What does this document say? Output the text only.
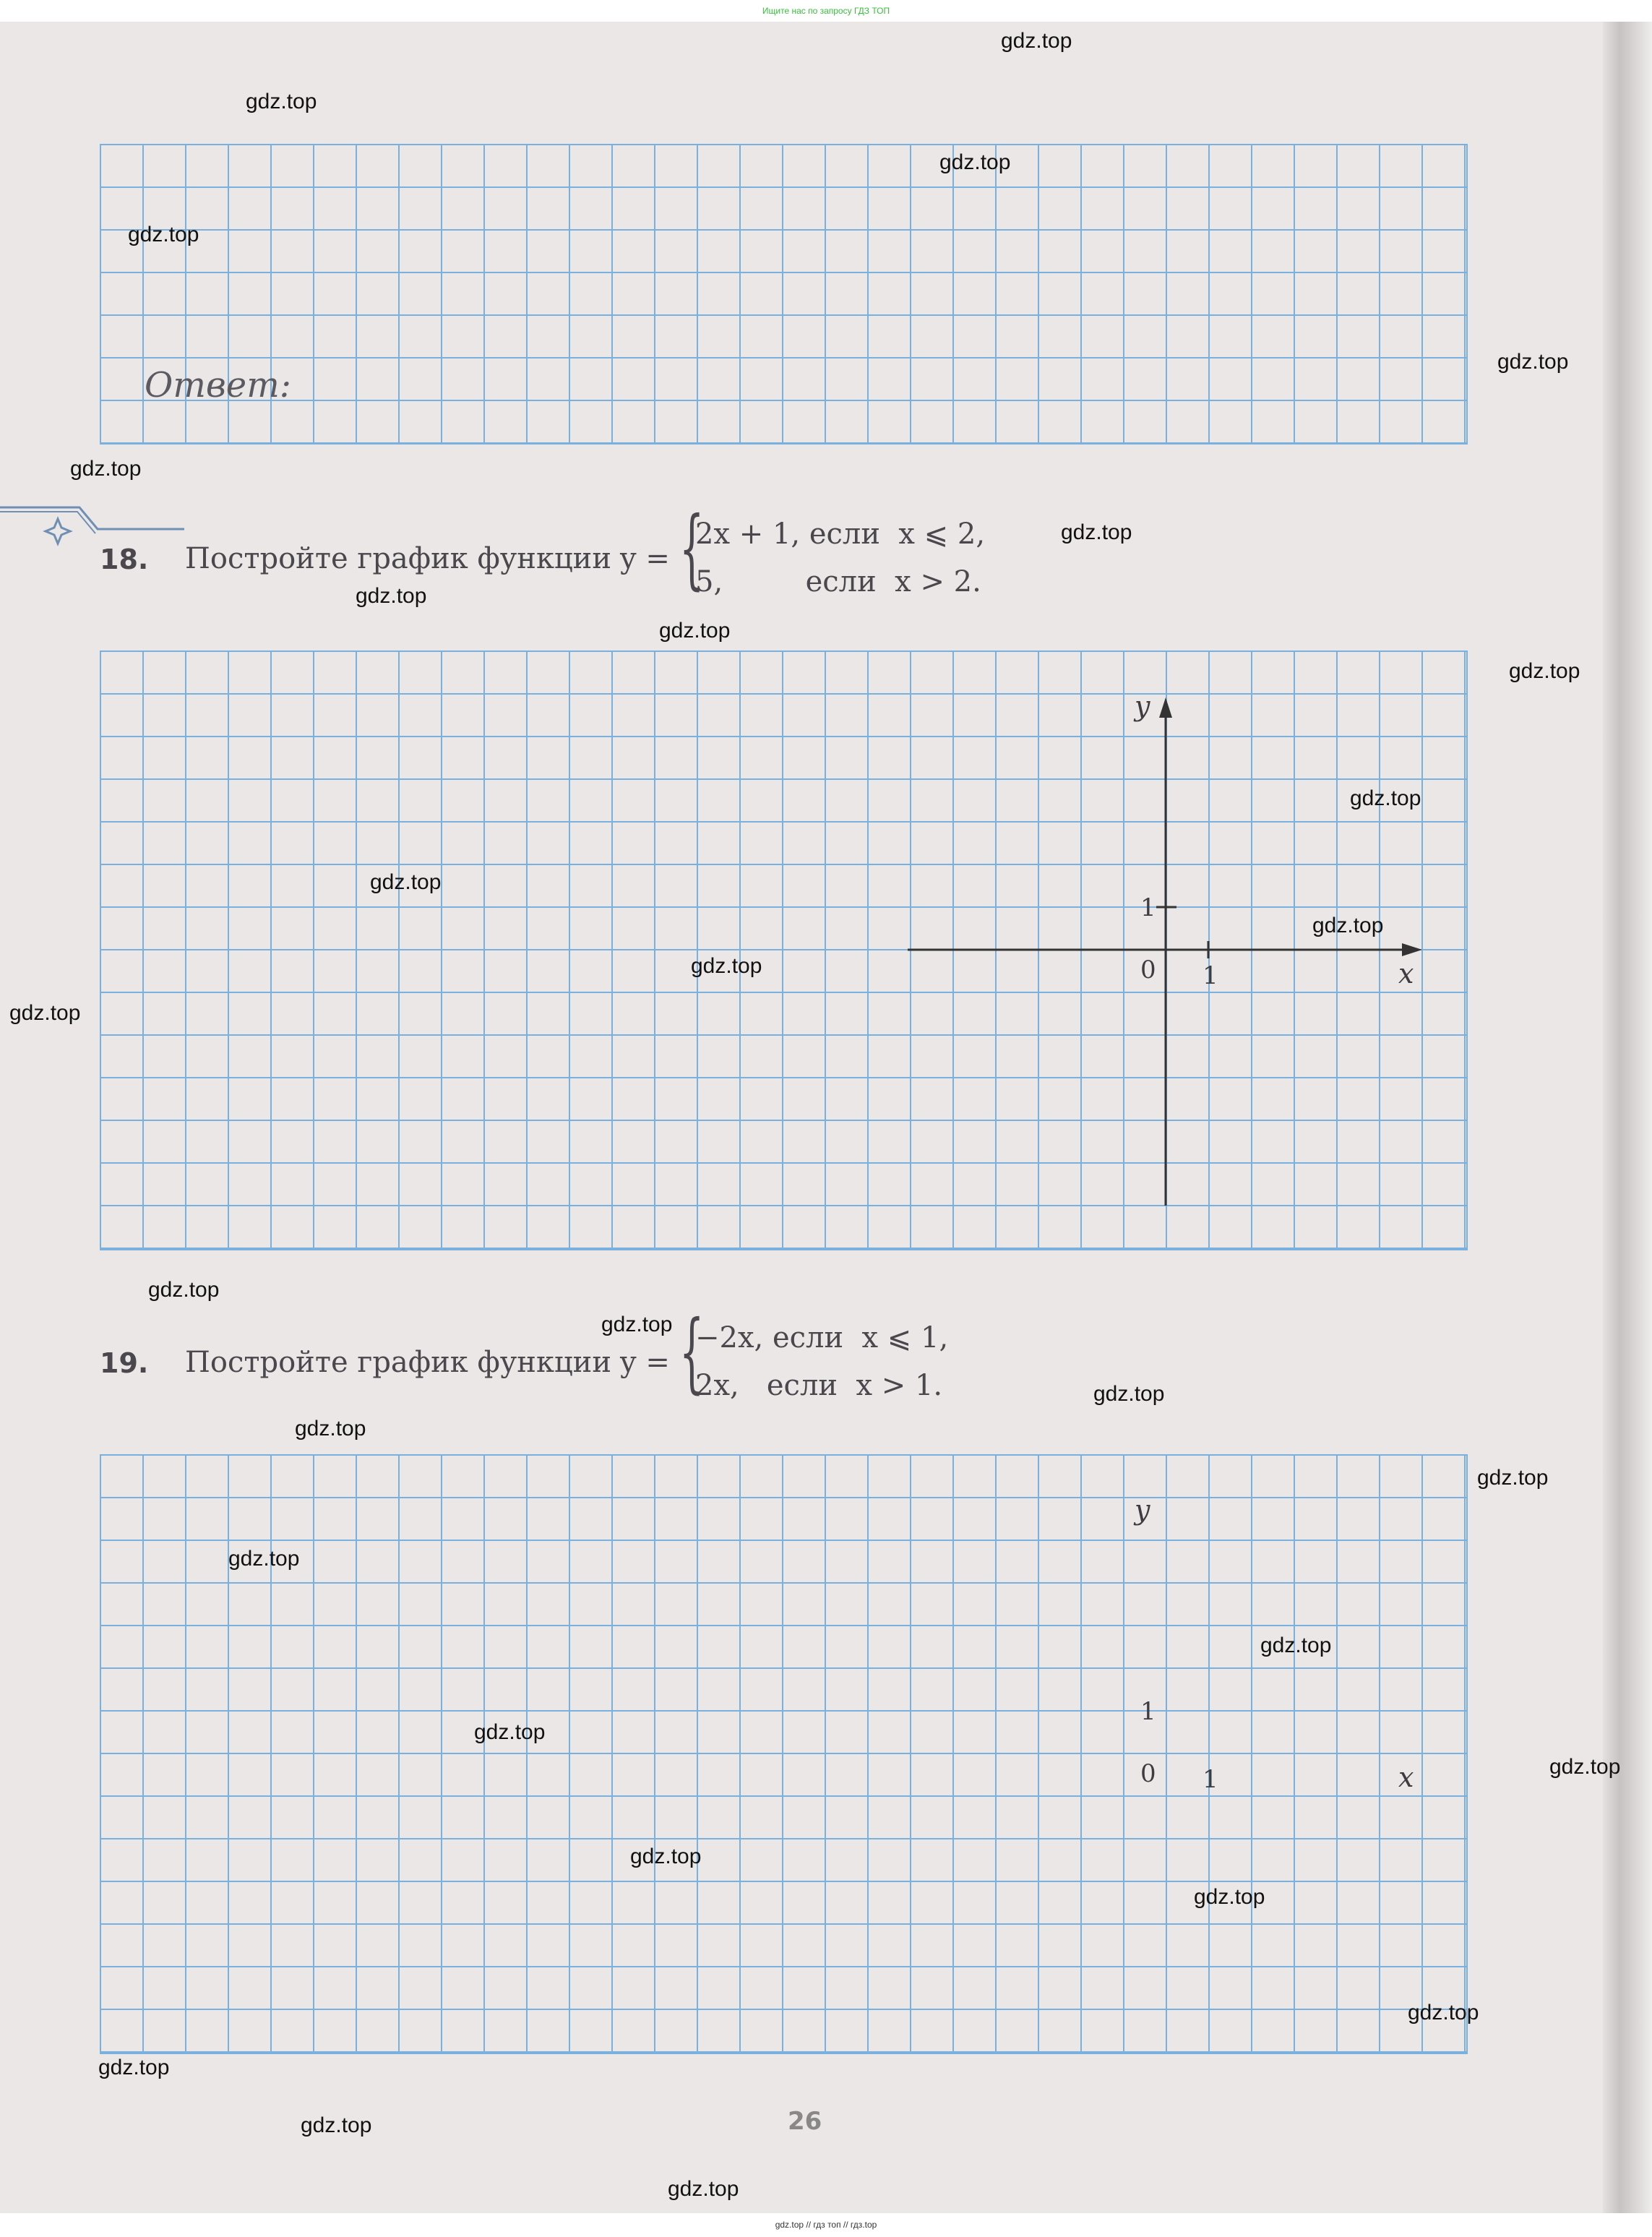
Ищите нас по запросу ГДЗ ТОП
Ответ:
18. Постройте график функции y = {
2x + 1, если  x ⩽ 2,
5,         если  x > 2.
y
x
0 1
1
19. Постройте график функции y = {
−2x, если  x ⩽ 1,
2x,   если  x > 1.
y
x
0 1
1
26
gdz.top
gdz.top
gdz.top
gdz.top
gdz.top
gdz.top
gdz.top
gdz.top
gdz.top
gdz.top
gdz.top
gdz.top
gdz.top
gdz.top
gdz.top
gdz.top
gdz.top
gdz.top
gdz.top
gdz.top
gdz.top
gdz.top
gdz.top
gdz.top
gdz.top
gdz.top
gdz.top
gdz.top
gdz.top
gdz.top
gdz.top // гдз топ // гдз.top
